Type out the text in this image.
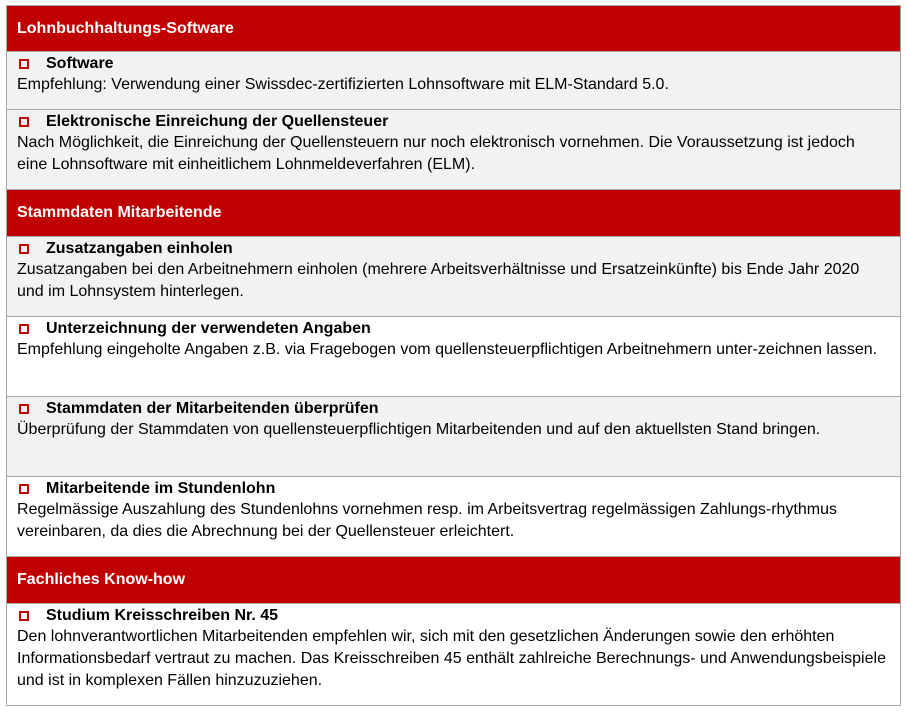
Lohnbuchhaltungs-Software
Software
Empfehlung: Verwendung einer Swissdec-zertifizierten Lohnsoftware mit ELM-Standard 5.0.
Elektronische Einreichung der Quellensteuer
Nach Möglichkeit, die Einreichung der Quellensteuern nur noch elektronisch vornehmen. Die Voraussetzung ist jedoch eine Lohnsoftware mit einheitlichem Lohnmeldeverfahren (ELM).
Stammdaten Mitarbeitende
Zusatzangaben einholen
Zusatzangaben bei den Arbeitnehmern einholen (mehrere Arbeitsverhältnisse und Ersatzeinkünfte) bis Ende Jahr 2020 und im Lohnsystem hinterlegen.
Unterzeichnung der verwendeten Angaben
Empfehlung eingeholte Angaben z.B. via Fragebogen vom quellensteuerpflichtigen Arbeitnehmern unter-zeichnen lassen.
Stammdaten der Mitarbeitenden überprüfen
Überprüfung der Stammdaten von quellensteuerpflichtigen Mitarbeitenden und auf den aktuellsten Stand bringen.
Mitarbeitende im Stundenlohn
Regelmässige Auszahlung des Stundenlohns vornehmen resp. im Arbeitsvertrag regelmässigen Zahlungs-rhythmus vereinbaren, da dies die Abrechnung bei der Quellensteuer erleichtert.
Fachliches Know-how
Studium Kreisschreiben Nr. 45
Den lohnverantwortlichen Mitarbeitenden empfehlen wir, sich mit den gesetzlichen Änderungen sowie den erhöhten Informationsbedarf vertraut zu machen. Das Kreisschreiben 45 enthält zahlreiche Berechnungs- und Anwendungsbeispiele und ist in komplexen Fällen hinzuzuziehen.
